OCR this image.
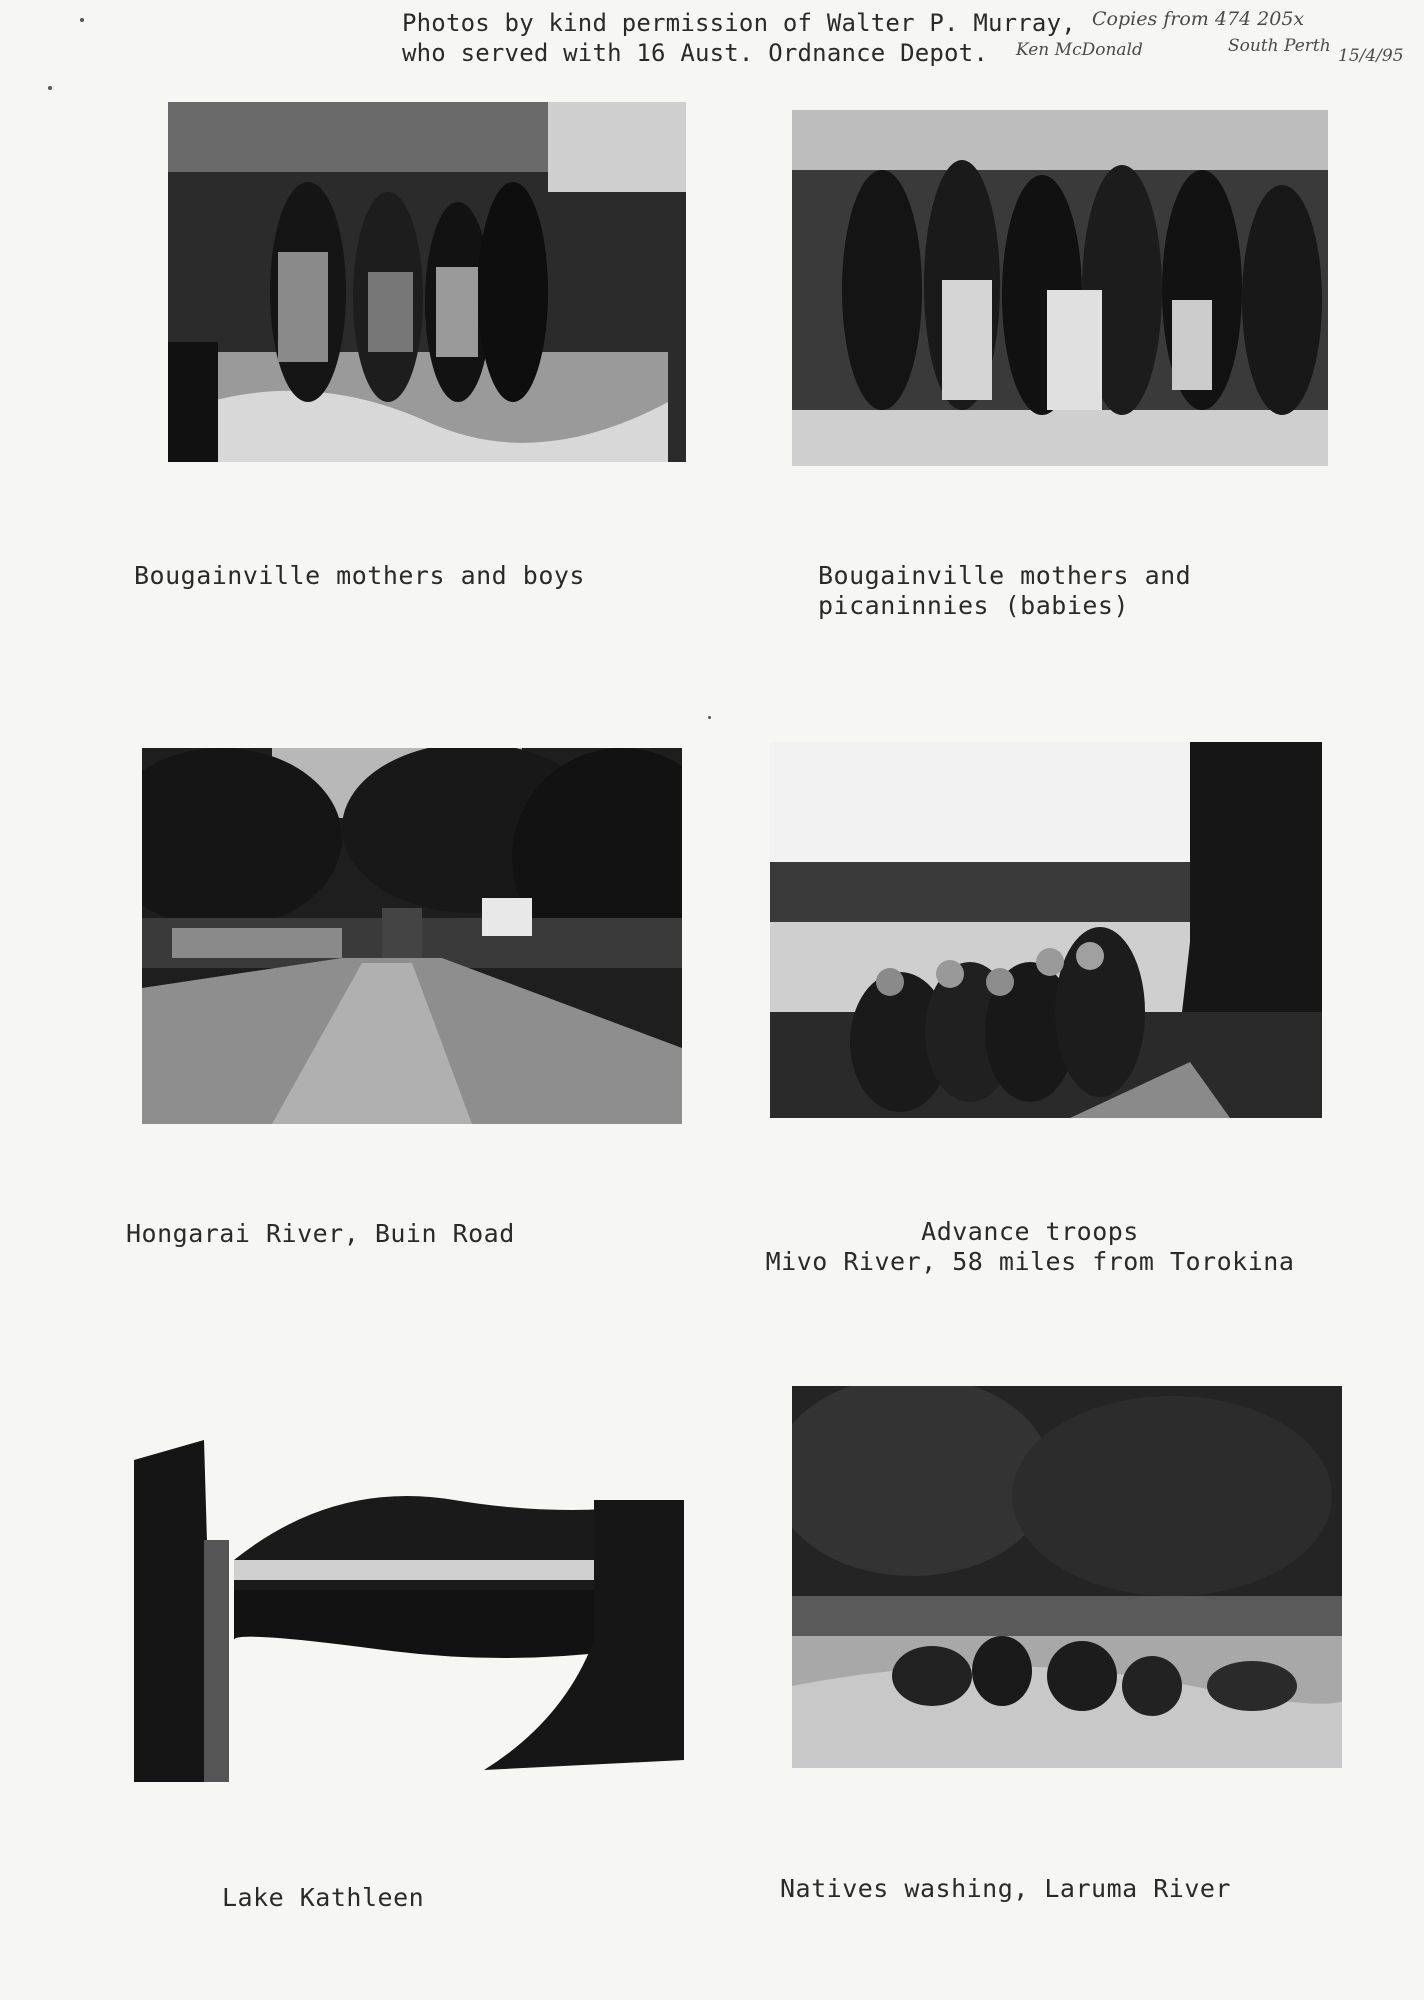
Photos by kind permission of Walter P. Murray,
who served with 16 Aust. Ordnance Depot.
Copies from 474 205x
Ken McDonald	South Perth 15/4/95
Bougainville mothers and boys	Bougainville mothers and
picaninnies (babies)
Hongarai River, Buin Road	Advance troops
Mivo River, 58 miles from Torokina
Lake Kathleen	Natives washing, Laruma River
